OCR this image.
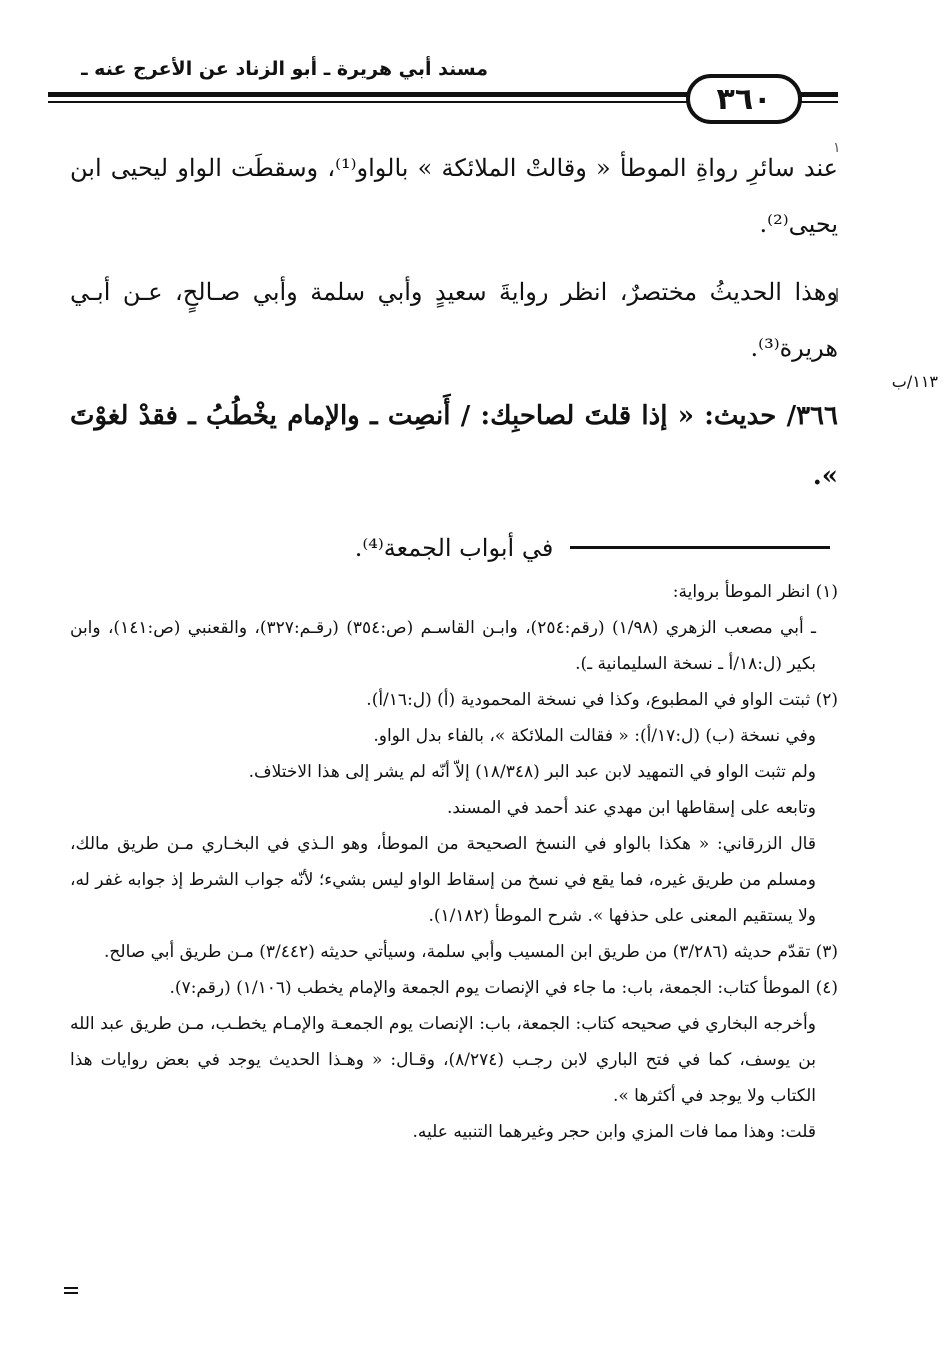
مسند أبي هريرة ـ أبو الزناد عن الأعرج عنه ـ
٣٦٠
١

عند سائرِ رواةِ الموطأ « وقالتْ الملائكة » بالواو⁽¹⁾، وسقطَت الواو ليحيى ابن يحيى⁽²⁾.

وهذا الحديثُ مختصرٌ، انظر روايةَ سعيدٍ وأبي سلمة وأبي صـالحٍ، عـن أبـي هريرة⁽³⁾.

٣٦٦/ حديث: « إذا قلتَ لصاحبِك: / أَنصِت ـ والإمام يخْطُبُ ـ فقدْ لغوْتَ ».

في أبواب الجمعة⁽⁴⁾.

١١٣/ب

(١) انظر الموطأ برواية:

ـ أبي مصعب الزهري (١/٩٨) (رقم:٢٥٤)، وابـن القاسـم (ص:٣٥٤) (رقـم:٣٢٧)، والقعنبي (ص:١٤١)، وابن بكير (ل:١٨/أ ـ نسخة السليمانية ـ).

(٢) ثبتت الواو في المطبوع، وكذا في نسخة المحمودية (أ) (ل:١٦/أ).

وفي نسخة (ب) (ل:١٧/أ): « فقالت الملائكة »، بالفاء بدل الواو.

ولم تثبت الواو في التمهيد لابن عبد البر (١٨/٣٤٨) إلاّ أنّه لم يشر إلى هذا الاختلاف.

وتابعه على إسقاطها ابن مهدي عند أحمد في المسند.

قال الزرقاني: « هكذا بالواو في النسخ الصحيحة من الموطأ، وهو الـذي في البخـاري مـن طريق مالك، ومسلم من طريق غيره، فما يقع في نسخ من إسقاط الواو ليس بشيء؛ لأنّه جواب الشرط إذ جوابه غفر له، ولا يستقيم المعنى على حذفها ». شرح الموطأ (١/١٨٢).

(٣) تقدّم حديثه (٣/٢٨٦) من طريق ابن المسيب وأبي سلمة، وسيأتي حديثه (٣/٤٤٢) مـن طريق أبي صالح.

(٤) الموطأ كتاب: الجمعة، باب: ما جاء في الإنصات يوم الجمعة والإمام يخطب (١/١٠٦) (رقم:٧).

وأخرجه البخاري في صحيحه كتاب: الجمعة، باب: الإنصات يوم الجمعـة والإمـام يخطـب، مـن طريق عبد الله بن يوسف، كما في فتح الباري لابن رجـب (٨/٢٧٤)، وقـال: « وهـذا الحديث يوجد في بعض روايات هذا الكتاب ولا يوجد في أكثرها ».

قلت: وهذا مما فات المزي وابن حجر وغيرهما التنبيه عليه.
